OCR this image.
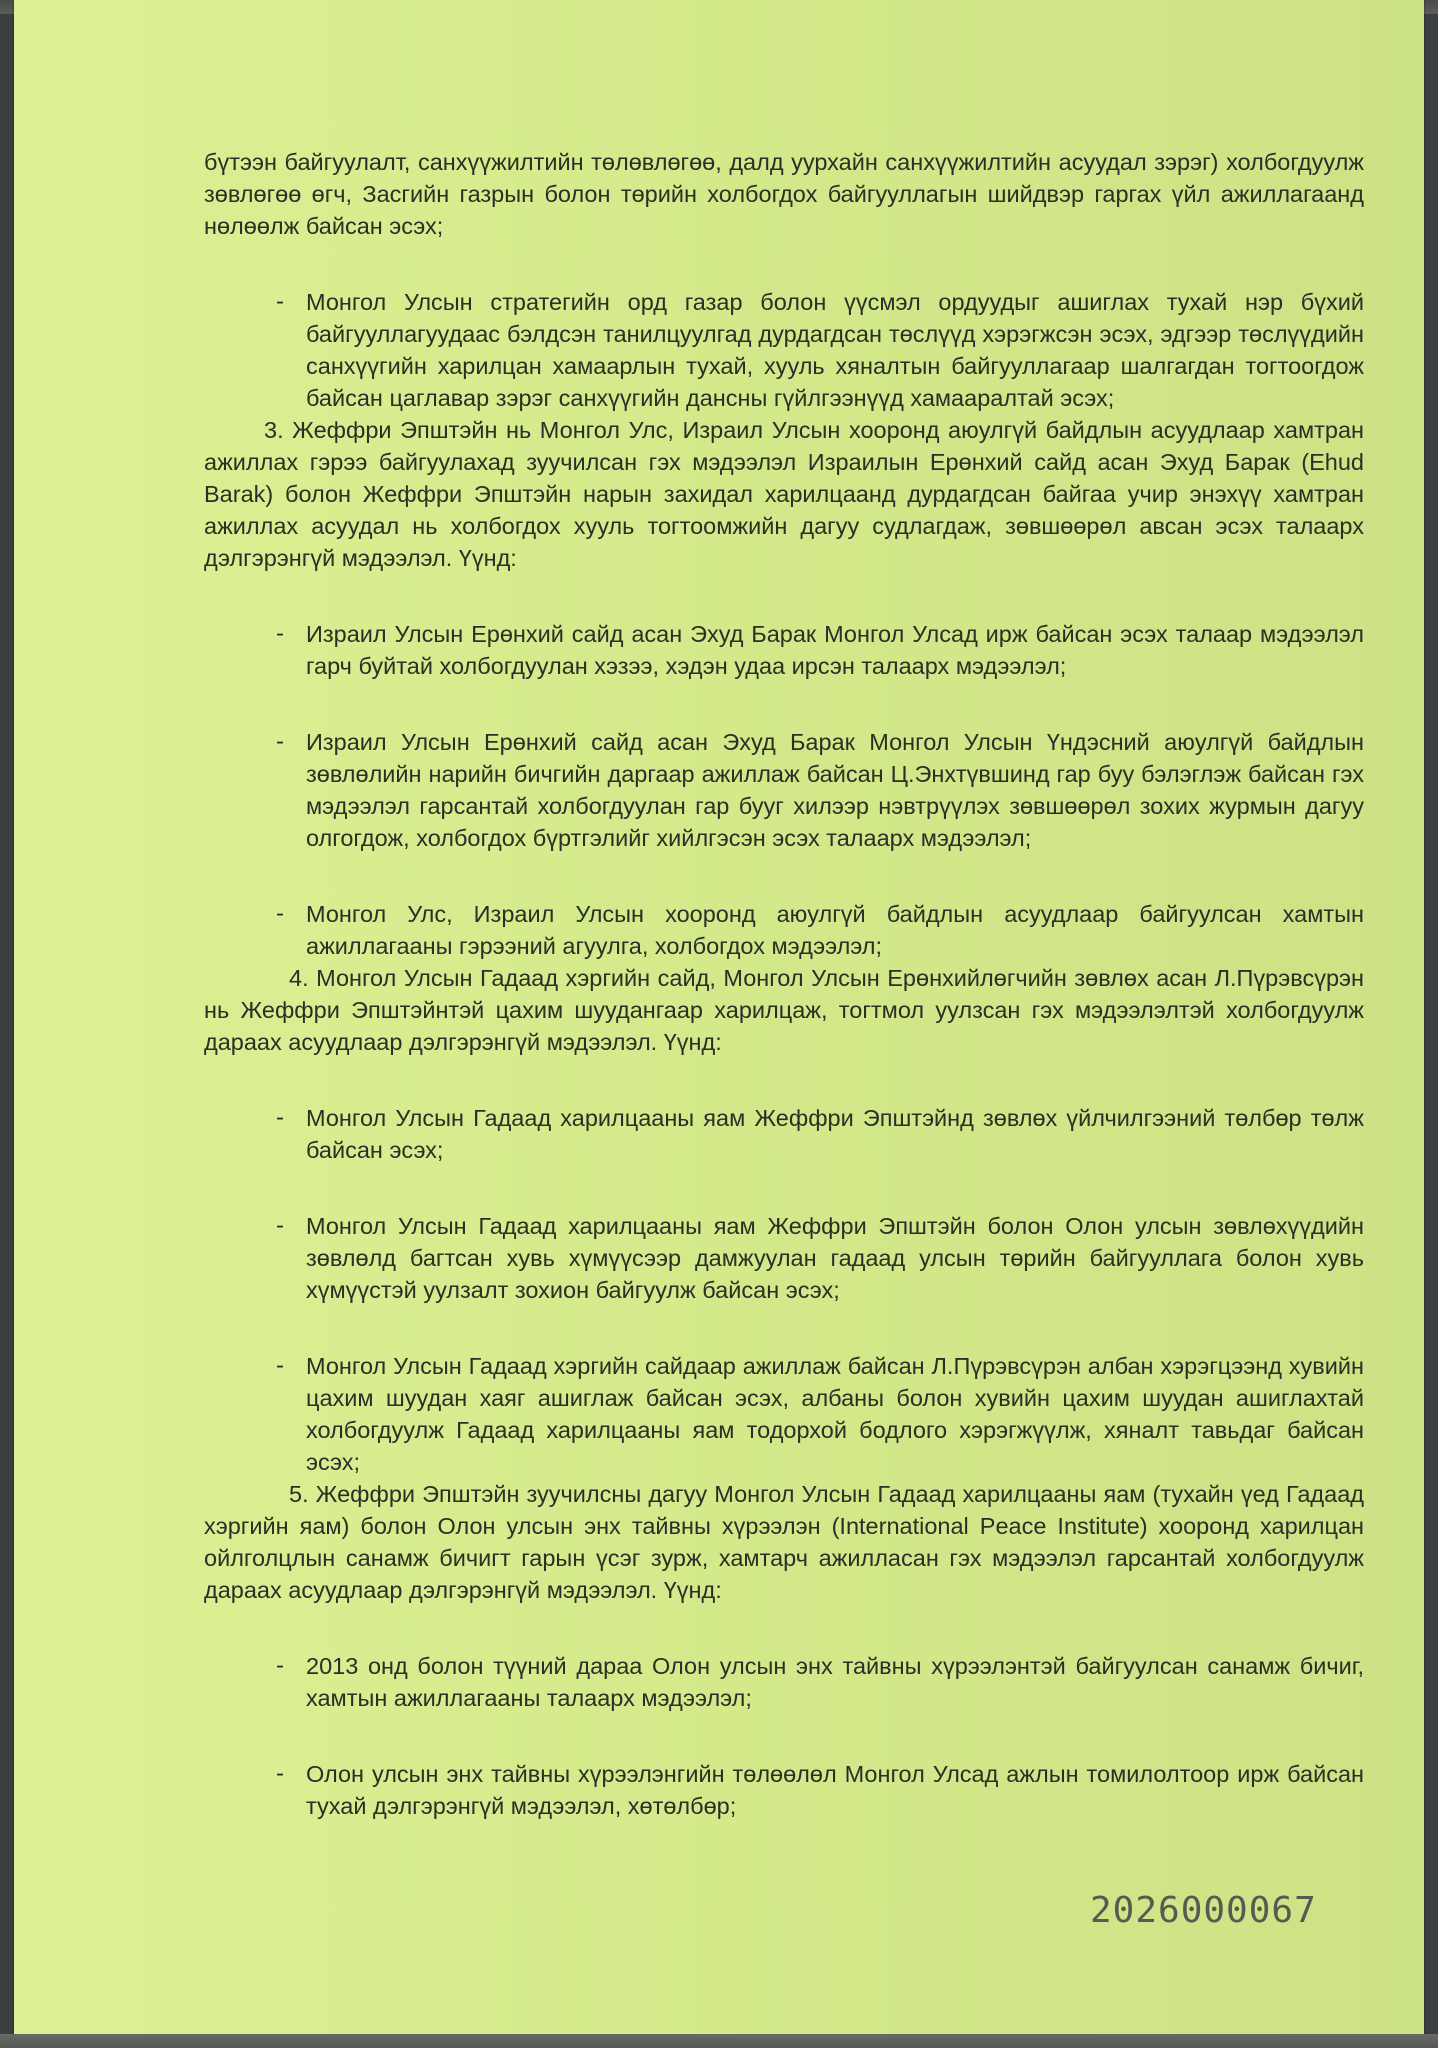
бүтээн байгуулалт, санхүүжилтийн төлөвлөгөө, далд уурхайн санхүүжилтийн асуудал зэрэг) холбогдуулж зөвлөгөө өгч, Засгийн газрын болон төрийн холбогдох байгууллагын шийдвэр гаргах үйл ажиллагаанд нөлөөлж байсан эсэх;

- Монгол Улсын стратегийн орд газар болон үүсмэл ордуудыг ашиглах тухай нэр бүхий байгууллагуудаас бэлдсэн танилцуулгад дурдагдсан төслүүд хэрэгжсэн эсэх, эдгээр төслүүдийн санхүүгийн харилцан хамаарлын тухай, хууль хяналтын байгууллагаар шалгагдан тогтоогдож байсан цаглавар зэрэг санхүүгийн дансны гүйлгээнүүд хамааралтай эсэх;

3. Жеффри Эпштэйн нь Монгол Улс, Израил Улсын хооронд аюулгүй байдлын асуудлаар хамтран ажиллах гэрээ байгуулахад зуучилсан гэх мэдээлэл Израилын Ерөнхий сайд асан Эхуд Барак (Ehud Barak) болон Жеффри Эпштэйн нарын захидал харилцаанд дурдагдсан байгаа учир энэхүү хамтран ажиллах асуудал нь холбогдох хууль тогтоомжийн дагуу судлагдаж, зөвшөөрөл авсан эсэх талаарх дэлгэрэнгүй мэдээлэл. Үүнд:

- Израил Улсын Ерөнхий сайд асан Эхуд Барак Монгол Улсад ирж байсан эсэх талаар мэдээлэл гарч буйтай холбогдуулан хэзээ, хэдэн удаа ирсэн талаарх мэдээлэл;

- Израил Улсын Ерөнхий сайд асан Эхуд Барак Монгол Улсын Үндэсний аюулгүй байдлын зөвлөлийн нарийн бичгийн даргаар ажиллаж байсан Ц.Энхтүвшинд гар буу бэлэглэж байсан гэх мэдээлэл гарсантай холбогдуулан гар бууг хилээр нэвтрүүлэх зөвшөөрөл зохих журмын дагуу олгогдож, холбогдох бүртгэлийг хийлгэсэн эсэх талаарх мэдээлэл;

- Монгол Улс, Израил Улсын хооронд аюулгүй байдлын асуудлаар байгуулсан хамтын ажиллагааны гэрээний агуулга, холбогдох мэдээлэл;

4. Монгол Улсын Гадаад хэргийн сайд, Монгол Улсын Ерөнхийлөгчийн зөвлөх асан Л.Пүрэвсүрэн нь Жеффри Эпштэйнтэй цахим шуудангаар харилцаж, тогтмол уулзсан гэх мэдээлэлтэй холбогдуулж дараах асуудлаар дэлгэрэнгүй мэдээлэл. Үүнд:

- Монгол Улсын Гадаад харилцааны яам Жеффри Эпштэйнд зөвлөх үйлчилгээний төлбөр төлж байсан эсэх;

- Монгол Улсын Гадаад харилцааны яам Жеффри Эпштэйн болон Олон улсын зөвлөхүүдийн зөвлөлд багтсан хувь хүмүүсээр дамжуулан гадаад улсын төрийн байгууллага болон хувь хүмүүстэй уулзалт зохион байгуулж байсан эсэх;

- Монгол Улсын Гадаад хэргийн сайдаар ажиллаж байсан Л.Пүрэвсүрэн албан хэрэгцээнд хувийн цахим шуудан хаяг ашиглаж байсан эсэх, албаны болон хувийн цахим шуудан ашиглахтай холбогдуулж Гадаад харилцааны яам тодорхой бодлого хэрэгжүүлж, хяналт тавьдаг байсан эсэх;

5. Жеффри Эпштэйн зуучилсны дагуу Монгол Улсын Гадаад харилцааны яам (тухайн үед Гадаад хэргийн яам) болон Олон улсын энх тайвны хүрээлэн (International Peace Institute) хооронд харилцан ойлголцлын санамж бичигт гарын үсэг зурж, хамтарч ажилласан гэх мэдээлэл гарсантай холбогдуулж дараах асуудлаар дэлгэрэнгүй мэдээлэл. Үүнд:

- 2013 онд болон түүний дараа Олон улсын энх тайвны хүрээлэнтэй байгуулсан санамж бичиг, хамтын ажиллагааны талаарх мэдээлэл;

- Олон улсын энх тайвны хүрээлэнгийн төлөөлөл Монгол Улсад ажлын томилолтоор ирж байсан тухай дэлгэрэнгүй мэдээлэл, хөтөлбөр;

2026000067
